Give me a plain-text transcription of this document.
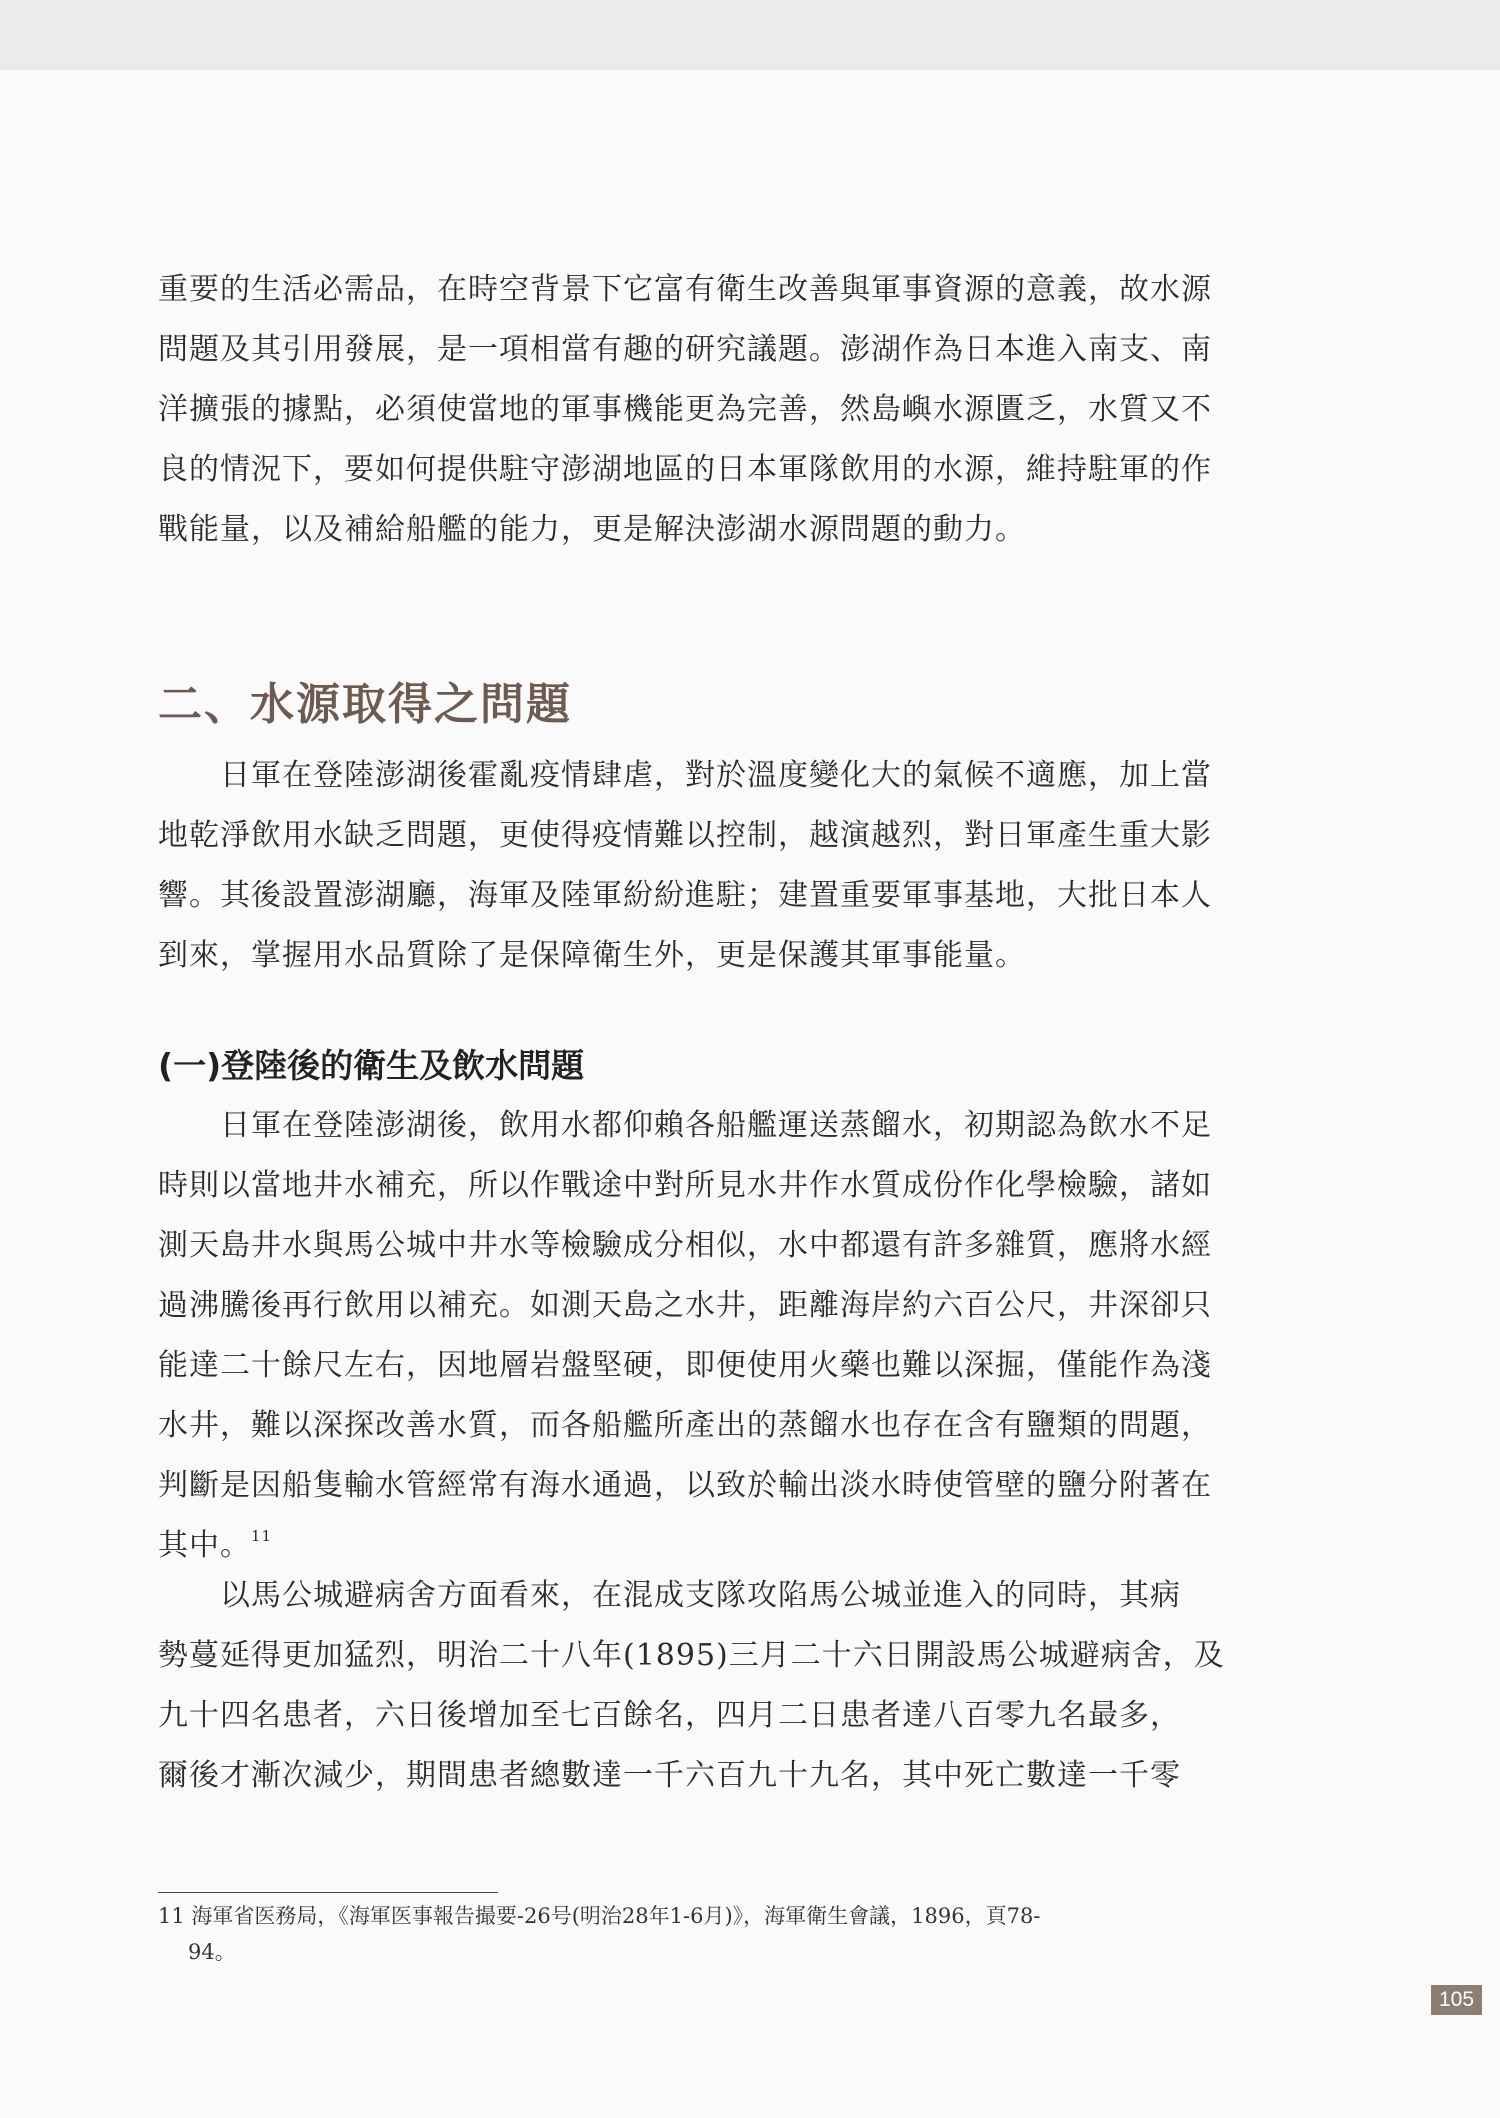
重要的生活必需品，在時空背景下它富有衛生改善與軍事資源的意義，故水源
問題及其引用發展，是一項相當有趣的研究議題。澎湖作為日本進入南支、南
洋擴張的據點，必須使當地的軍事機能更為完善，然島嶼水源匱乏，水質又不
良的情況下，要如何提供駐守澎湖地區的日本軍隊飲用的水源，維持駐軍的作
戰能量，以及補給船艦的能力，更是解決澎湖水源問題的動力。

二、水源取得之問題

日軍在登陸澎湖後霍亂疫情肆虐，對於溫度變化大的氣候不適應，加上當
地乾淨飲用水缺乏問題，更使得疫情難以控制，越演越烈，對日軍產生重大影
響。其後設置澎湖廳，海軍及陸軍紛紛進駐；建置重要軍事基地，大批日本人
到來，掌握用水品質除了是保障衛生外，更是保護其軍事能量。

(一)登陸後的衛生及飲水問題

日軍在登陸澎湖後，飲用水都仰賴各船艦運送蒸餾水，初期認為飲水不足
時則以當地井水補充，所以作戰途中對所見水井作水質成份作化學檢驗，諸如
測天島井水與馬公城中井水等檢驗成分相似，水中都還有許多雜質，應將水經
過沸騰後再行飲用以補充。如測天島之水井，距離海岸約六百公尺，井深卻只
能達二十餘尺左右，因地層岩盤堅硬，即便使用火藥也難以深掘，僅能作為淺
水井，難以深探改善水質，而各船艦所產出的蒸餾水也存在含有鹽類的問題，
判斷是因船隻輸水管經常有海水通過，以致於輸出淡水時使管壁的鹽分附著在
其中。$^{11}$

以馬公城避病舍方面看來，在混成支隊攻陷馬公城並進入的同時，其病
勢蔓延得更加猛烈，明治二十八年(1895)三月二十六日開設馬公城避病舍，及
九十四名患者，六日後增加至七百餘名，四月二日患者達八百零九名最多，
爾後才漸次減少，期間患者總數達一千六百九十九名，其中死亡數達一千零

11 海軍省医務局，《海軍医事報告撮要-26号(明治28年1-6月)》，海軍衛生會議，1896，頁78-
94。

105
